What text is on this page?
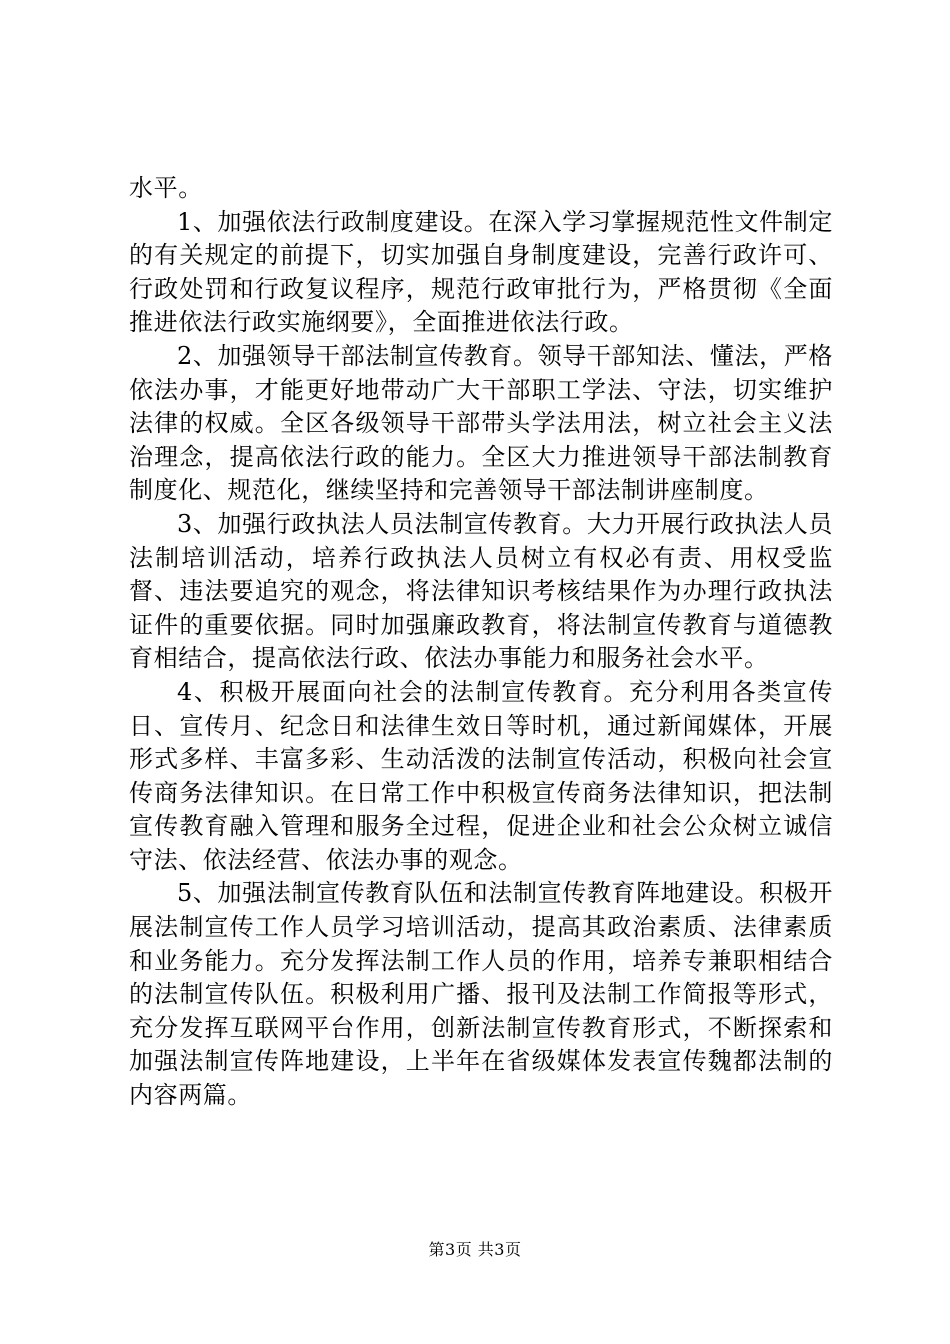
水平。

1、加强依法行政制度建设。在深入学习掌握规范性文件制定的有关规定的前提下，切实加强自身制度建设，完善行政许可、行政处罚和行政复议程序，规范行政审批行为，严格贯彻《全面推进依法行政实施纲要》，全面推进依法行政。

2、加强领导干部法制宣传教育。领导干部知法、懂法，严格依法办事，才能更好地带动广大干部职工学法、守法，切实维护法律的权威。全区各级领导干部带头学法用法，树立社会主义法治理念，提高依法行政的能力。全区大力推进领导干部法制教育制度化、规范化，继续坚持和完善领导干部法制讲座制度。

3、加强行政执法人员法制宣传教育。大力开展行政执法人员法制培训活动，培养行政执法人员树立有权必有责、用权受监督、违法要追究的观念，将法律知识考核结果作为办理行政执法证件的重要依据。同时加强廉政教育，将法制宣传教育与道德教育相结合，提高依法行政、依法办事能力和服务社会水平。

4、积极开展面向社会的法制宣传教育。充分利用各类宣传日、宣传月、纪念日和法律生效日等时机，通过新闻媒体，开展形式多样、丰富多彩、生动活泼的法制宣传活动，积极向社会宣传商务法律知识。在日常工作中积极宣传商务法律知识，把法制宣传教育融入管理和服务全过程，促进企业和社会公众树立诚信守法、依法经营、依法办事的观念。

5、加强法制宣传教育队伍和法制宣传教育阵地建设。积极开展法制宣传工作人员学习培训活动，提高其政治素质、法律素质和业务能力。充分发挥法制工作人员的作用，培养专兼职相结合的法制宣传队伍。积极利用广播、报刊及法制工作简报等形式，充分发挥互联网平台作用，创新法制宣传教育形式，不断探索和加强法制宣传阵地建设，上半年在省级媒体发表宣传魏都法制的内容两篇。

第3页 共3页
